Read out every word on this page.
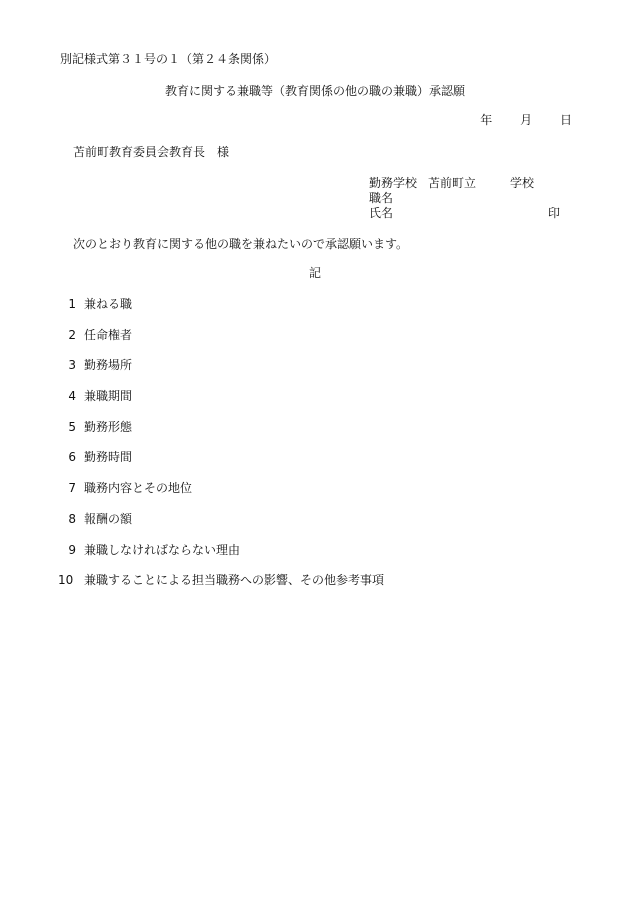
別記様式第３１号の１（第２４条関係）
教育に関する兼職等（教育関係の他の職の兼職）承認願
年 月 日
苫前町教育委員会教育長　様
勤務学校 苫前町立	学校
職名
氏名	印
次のとおり教育に関する他の職を兼ねたいので承認願います。
記
1 兼ねる職
2 任命権者
3 勤務場所
4 兼職期間
5 勤務形態
6 勤務時間
7 職務内容とその地位
8 報酬の額
9 兼職しなければならない理由
10 兼職することによる担当職務への影響、その他参考事項
